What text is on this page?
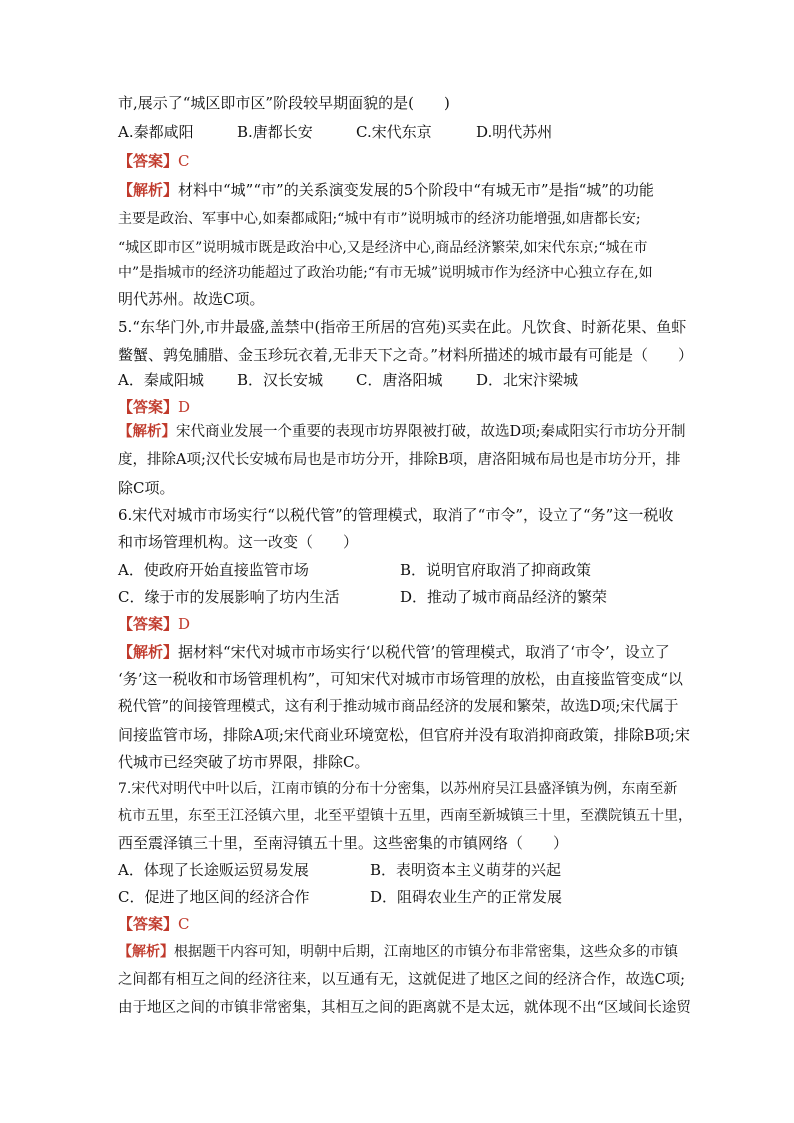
市,展示了“城区即市区”阶段较早期面貌的是(　　)
A.秦都咸阳	B.唐都长安	C.宋代东京	D.明代苏州
【答案】C
【解析】材料中“城”“市”的关系演变发展的5个阶段中“有城无市”是指“城”的功能
主要是政治、军事中心,如秦都咸阳;“城中有市”说明城市的经济功能增强,如唐都长安;
“城区即市区”说明城市既是政治中心,又是经济中心,商品经济繁荣,如宋代东京;“城在市
中”是指城市的经济功能超过了政治功能;“有市无城”说明城市作为经济中心独立存在,如
明代苏州。故选C项。
5.“东华门外,市井最盛,盖禁中(指帝王所居的宫苑)买卖在此。凡饮食、时新花果、鱼虾
鳖蟹、鹑兔脯腊、金玉珍玩衣着,无非天下之奇。”材料所描述的城市最有可能是（　　）
A．秦咸阳城 B．汉长安城 C．唐洛阳城 D．北宋汴梁城
【答案】D
【解析】宋代商业发展一个重要的表现市坊界限被打破，故选D项;秦咸阳实行市坊分开制
度，排除A项;汉代长安城布局也是市坊分开，排除B项，唐洛阳城布局也是市坊分开，排
除C项。
6.宋代对城市市场实行“以税代管”的管理模式，取消了“市令”，设立了“务”这一税收
和市场管理机构。这一改变（　　）
A．使政府开始直接监管市场	B．说明官府取消了抑商政策
C．缘于市的发展影响了坊内生活	D．推动了城市商品经济的繁荣
【答案】D
【解析】据材料“宋代对城市市场实行‘以税代管’的管理模式，取消了‘市令’，设立了
‘务’这一税收和市场管理机构”，可知宋代对城市市场管理的放松，由直接监管变成“以
税代管”的间接管理模式，这有利于推动城市商品经济的发展和繁荣，故选D项;宋代属于
间接监管市场，排除A项;宋代商业环境宽松，但官府并没有取消抑商政策，排除B项;宋
代城市已经突破了坊市界限，排除C。
7.宋代对明代中叶以后，江南市镇的分布十分密集，以苏州府吴江县盛泽镇为例，东南至新
杭市五里，东至王江泾镇六里，北至平望镇十五里，西南至新城镇三十里，至濮院镇五十里，
西至震泽镇三十里，至南浔镇五十里。这些密集的市镇网络（　　）
A．体现了长途贩运贸易发展	B．表明资本主义萌芽的兴起
C．促进了地区间的经济合作	D．阻碍农业生产的正常发展
【答案】C
【解析】根据题干内容可知，明朝中后期，江南地区的市镇分布非常密集，这些众多的市镇
之间都有相互之间的经济往来，以互通有无，这就促进了地区之间的经济合作，故选C项;
由于地区之间的市镇非常密集，其相互之间的距离就不是太远，就体现不出“区域间长途贸
